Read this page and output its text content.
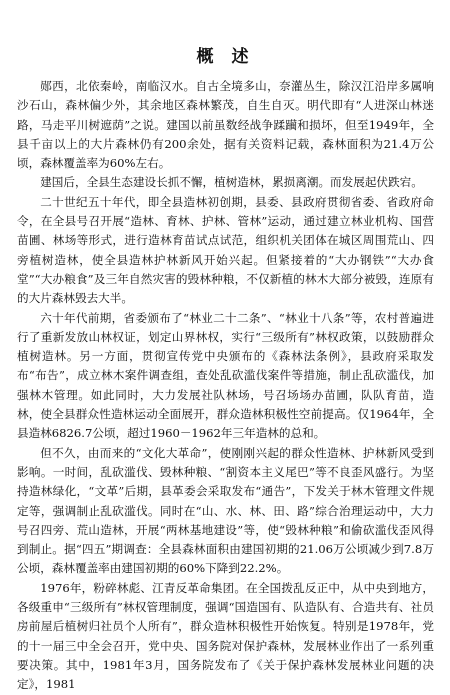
概 述

郧西，北依秦岭，南临汉水。自古全境多山，奈灌丛生，除汉江沿岸多属响沙石山，森林偏少外，其余地区森林繁茂，自生自灭。明代即有“人进深山林迷路，马走平川树遮荫”之说。建国以前虽数经战争蹂躏和损坏，但至1949年，全县千亩以上的大片森林仍有200余处，据有关资料记载，森林面积为21.4万公顷，森林覆盖率为60%左右。

建国后，全县生态建设长抓不懈，植树造林，累损离潮。而发展起伏跌宕。

二十世纪五十年代，即全县造林初创期，县委、县政府贯彻省委、省政府命令，在全县号召开展“造林、育林、护林、管林”运动，通过建立林业机构、国营苗圃、林场等形式，进行造林育苗试点试范，组织机关团体在城区周围荒山、四旁植树造林，使全县造林护林新风开始兴起。但紧接着的“大办钢铁”“大办食堂”“大办粮食”及三年自然灾害的毁林种粮，不仅新植的林木大部分被毁，连原有的大片森林毁去大半。

六十年代前期，省委颁布了“林业二十二条”、“林业十八条”等，农村普遍进行了重新发放山林权证，划定山界林权，实行“三级所有”林权政策，以鼓励群众植树造林。另一方面，贯彻宣传党中央颁布的《森林法条例》，县政府采取发布“布告”，成立林木案件调查组，查处乱砍滥伐案件等措施，制止乱砍滥伐，加强林木管理。如此同时，大力发展社队林场，号召场场办苗圃，队队育苗，造林，使全县群众性造林运动全面展开，群众造林积极性空前提高。仅1964年，全县造林6826.7公顷，超过1960－1962年三年造林的总和。

但不久，由而来的“文化大革命”，使刚刚兴起的群众性造林、护林新风受到影响。一时间，乱砍滥伐、毁林种粮、“割资本主义尾巴”等不良歪风盛行。为坚持造林绿化，“文革”后期，县革委会采取发布“通告”，下发关于林木管理文件规定等，强调制止乱砍滥伐。同时在“山、水、林、田、路”综合治理运动中，大力号召四旁、荒山造林，开展“两林基地建设”等，使“毁林种粮”和偷砍滥伐歪风得到制止。据“四五”期调查：全县森林面积由建国初期的21.06万公顷减少到7.8万公顷，森林覆盖率由建国初期的60%下降到22.2%。

1976年，粉碎林彪、江青反革命集团。在全国拨乱反正中，从中央到地方，各级重申“三级所有”林权管理制度，强调“国造国有、队造队有、合造共有、社员房前屋后植树归社员个人所有”，群众造林积极性开始恢复。特别是1978年，党的十一届三中全会召开，党中央、国务院对保护森林，发展林业作出了一系列重要决策。其中，1981年3月，国务院发布了《关于保护森林发展林业问题的决定》，1981
